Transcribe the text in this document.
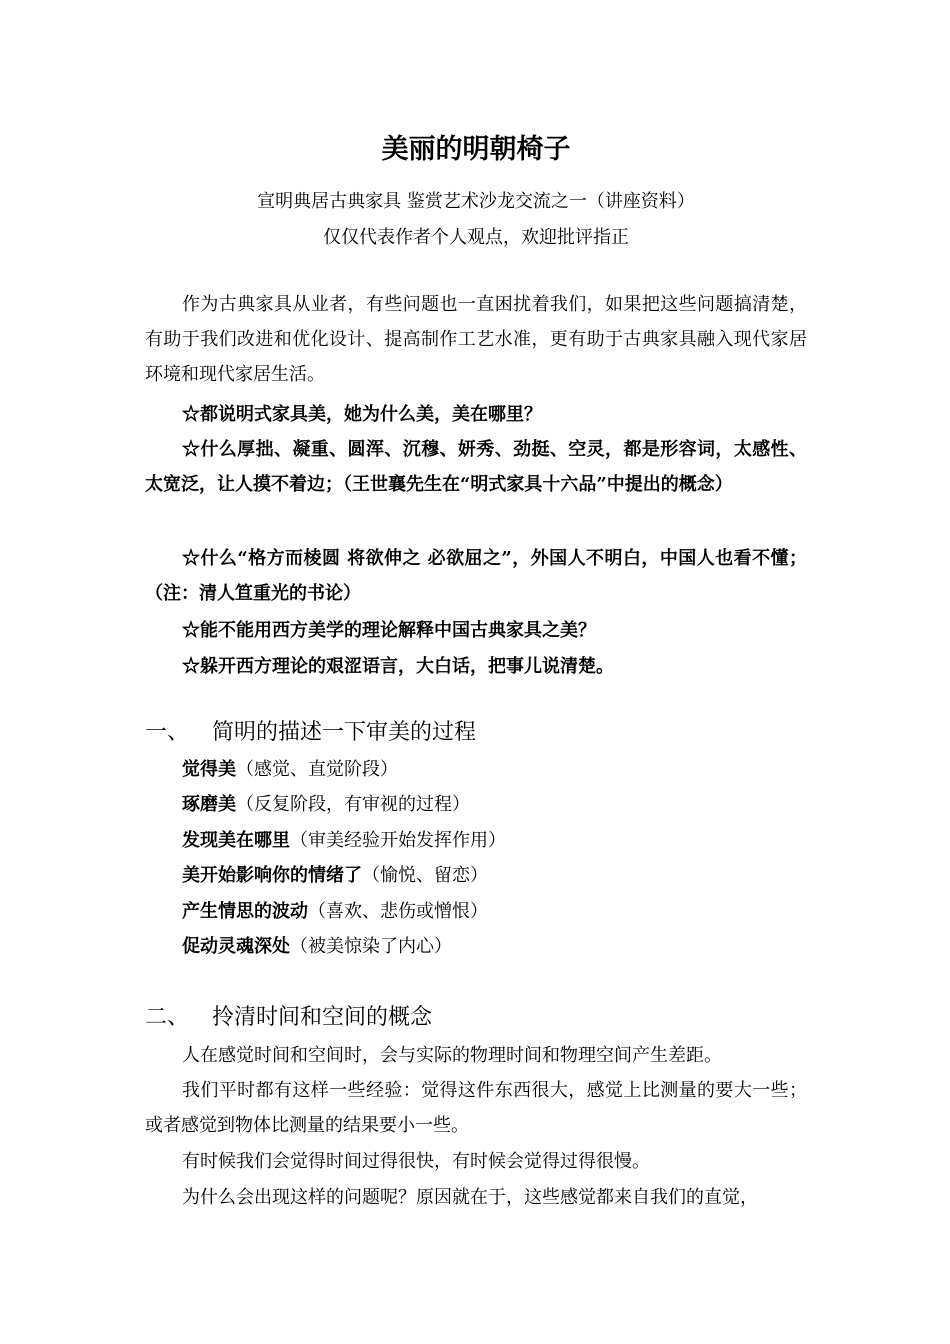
美丽的明朝椅子
宣明典居古典家具 鉴赏艺术沙龙交流之一（讲座资料）
仅仅代表作者个人观点，欢迎批评指正

作为古典家具从业者，有些问题也一直困扰着我们，如果把这些问题搞清楚，有助于我们改进和优化设计、提高制作工艺水准，更有助于古典家具融入现代家居环境和现代家居生活。

☆都说明式家具美，她为什么美，美在哪里？

☆什么厚拙、凝重、圆浑、沉穆、妍秀、劲挺、空灵，都是形容词，太感性、太宽泛，让人摸不着边；（王世襄先生在“明式家具十六品”中提出的概念）

☆什么“格方而棱圆 将欲伸之 必欲屈之”，外国人不明白，中国人也看不懂；（注：清人笪重光的书论）

☆能不能用西方美学的理论解释中国古典家具之美？

☆躲开西方理论的艰涩语言，大白话，把事儿说清楚。

一、 简明的描述一下审美的过程
觉得美（感觉、直觉阶段）
琢磨美（反复阶段，有审视的过程）
发现美在哪里（审美经验开始发挥作用）
美开始影响你的情绪了（愉悦、留恋）
产生情思的波动（喜欢、悲伤或憎恨）
促动灵魂深处（被美惊染了内心）
二、 拎清时间和空间的概念

人在感觉时间和空间时，会与实际的物理时间和物理空间产生差距。

我们平时都有这样一些经验：觉得这件东西很大，感觉上比测量的要大一些；或者感觉到物体比测量的结果要小一些。

有时候我们会觉得时间过得很快，有时候会觉得过得很慢。

为什么会出现这样的问题呢？原因就在于，这些感觉都来自我们的直觉，
